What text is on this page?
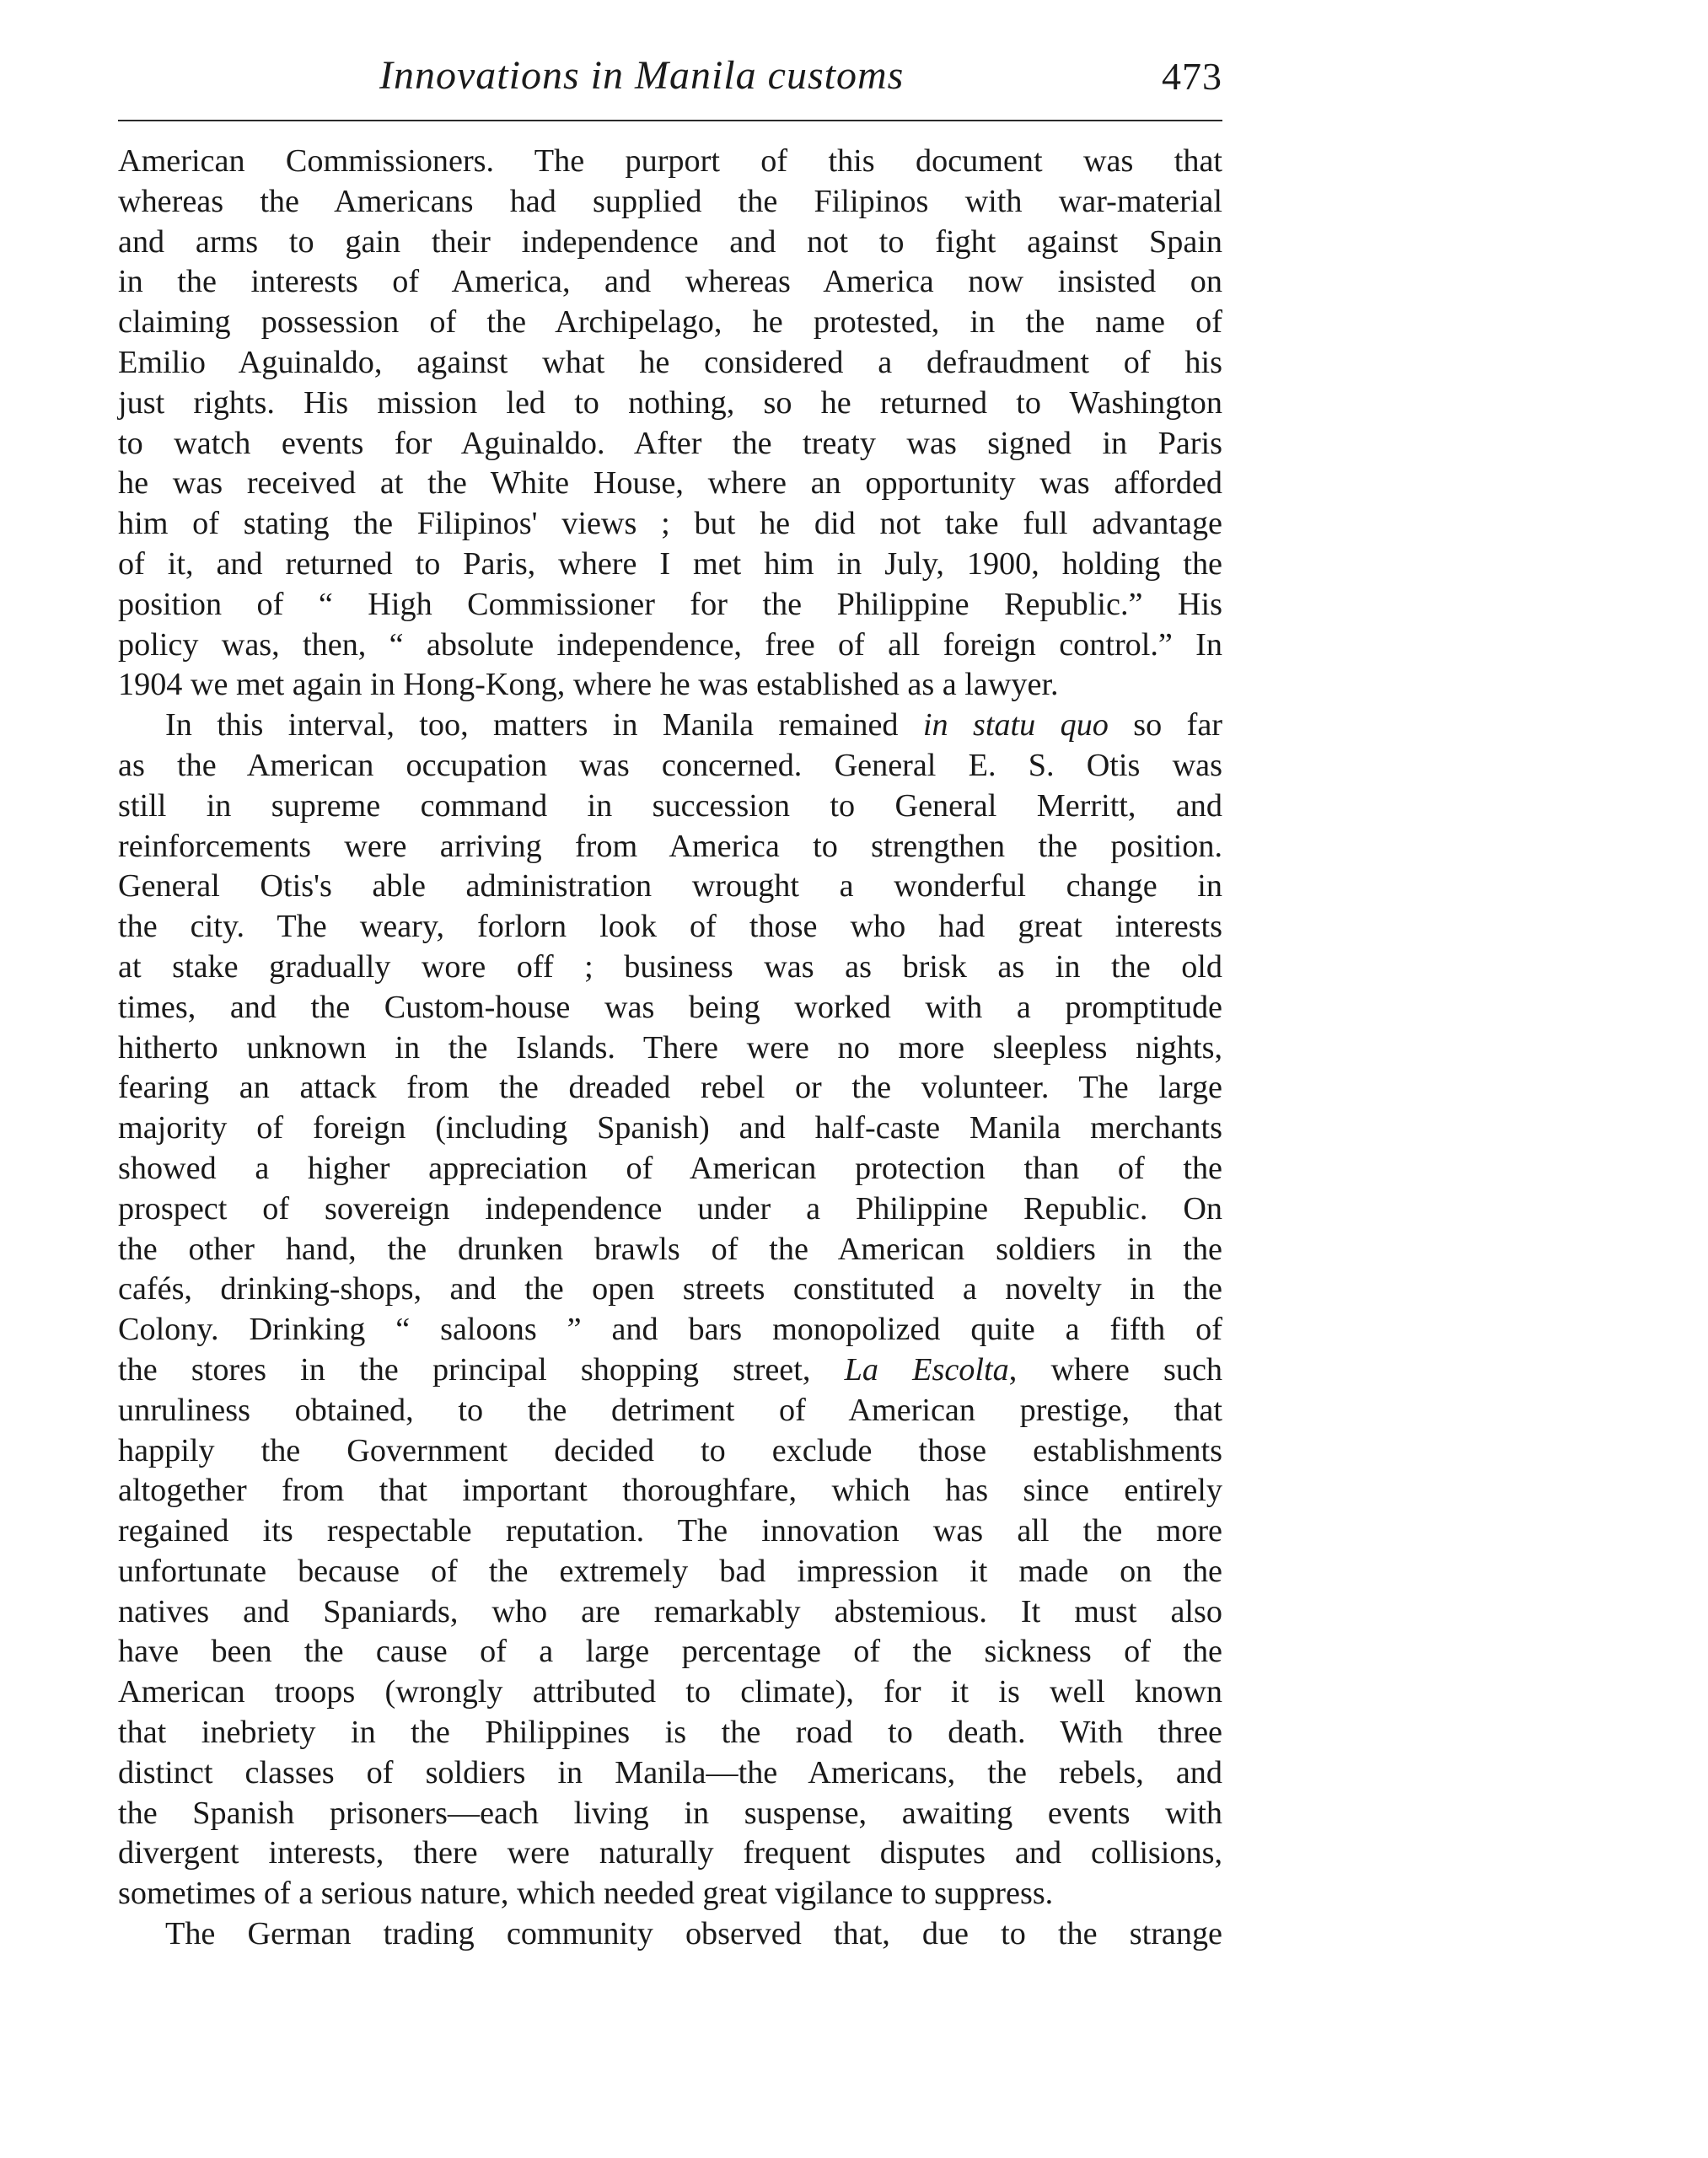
Innovations in Manila customs	473
American Commissioners. The purport of this document was that
whereas the Americans had supplied the Filipinos with war-material
and arms to gain their independence and not to fight against Spain
in the interests of America, and whereas America now insisted on
claiming possession of the Archipelago, he protested, in the name of
Emilio Aguinaldo, against what he considered a defraudment of his
just rights. His mission led to nothing, so he returned to Washington
to watch events for Aguinaldo. After the treaty was signed in Paris
he was received at the White House, where an opportunity was afforded
him of stating the Filipinos' views ; but he did not take full advantage
of it, and returned to Paris, where I met him in July, 1900, holding the
position of “ High Commissioner for the Philippine Republic.” His
policy was, then, “ absolute independence, free of all foreign control.” In
1904 we met again in Hong-Kong, where he was established as a lawyer.
In this interval, too, matters in Manila remained in statu quo so far
as the American occupation was concerned. General E. S. Otis was
still in supreme command in succession to General Merritt, and
reinforcements were arriving from America to strengthen the position.
General Otis's able administration wrought a wonderful change in
the city. The weary, forlorn look of those who had great interests
at stake gradually wore off ; business was as brisk as in the old
times, and the Custom-house was being worked with a promptitude
hitherto unknown in the Islands. There were no more sleepless nights,
fearing an attack from the dreaded rebel or the volunteer. The large
majority of foreign (including Spanish) and half-caste Manila merchants
showed a higher appreciation of American protection than of the
prospect of sovereign independence under a Philippine Republic. On
the other hand, the drunken brawls of the American soldiers in the
cafés, drinking-shops, and the open streets constituted a novelty in the
Colony. Drinking “ saloons ” and bars monopolized quite a fifth of
the stores in the principal shopping street, La Escolta, where such
unruliness obtained, to the detriment of American prestige, that
happily the Government decided to exclude those establishments
altogether from that important thoroughfare, which has since entirely
regained its respectable reputation. The innovation was all the more
unfortunate because of the extremely bad impression it made on the
natives and Spaniards, who are remarkably abstemious. It must also
have been the cause of a large percentage of the sickness of the
American troops (wrongly attributed to climate), for it is well known
that inebriety in the Philippines is the road to death. With three
distinct classes of soldiers in Manila—the Americans, the rebels, and
the Spanish prisoners—each living in suspense, awaiting events with
divergent interests, there were naturally frequent disputes and collisions,
sometimes of a serious nature, which needed great vigilance to suppress.
The German trading community observed that, due to the strange
